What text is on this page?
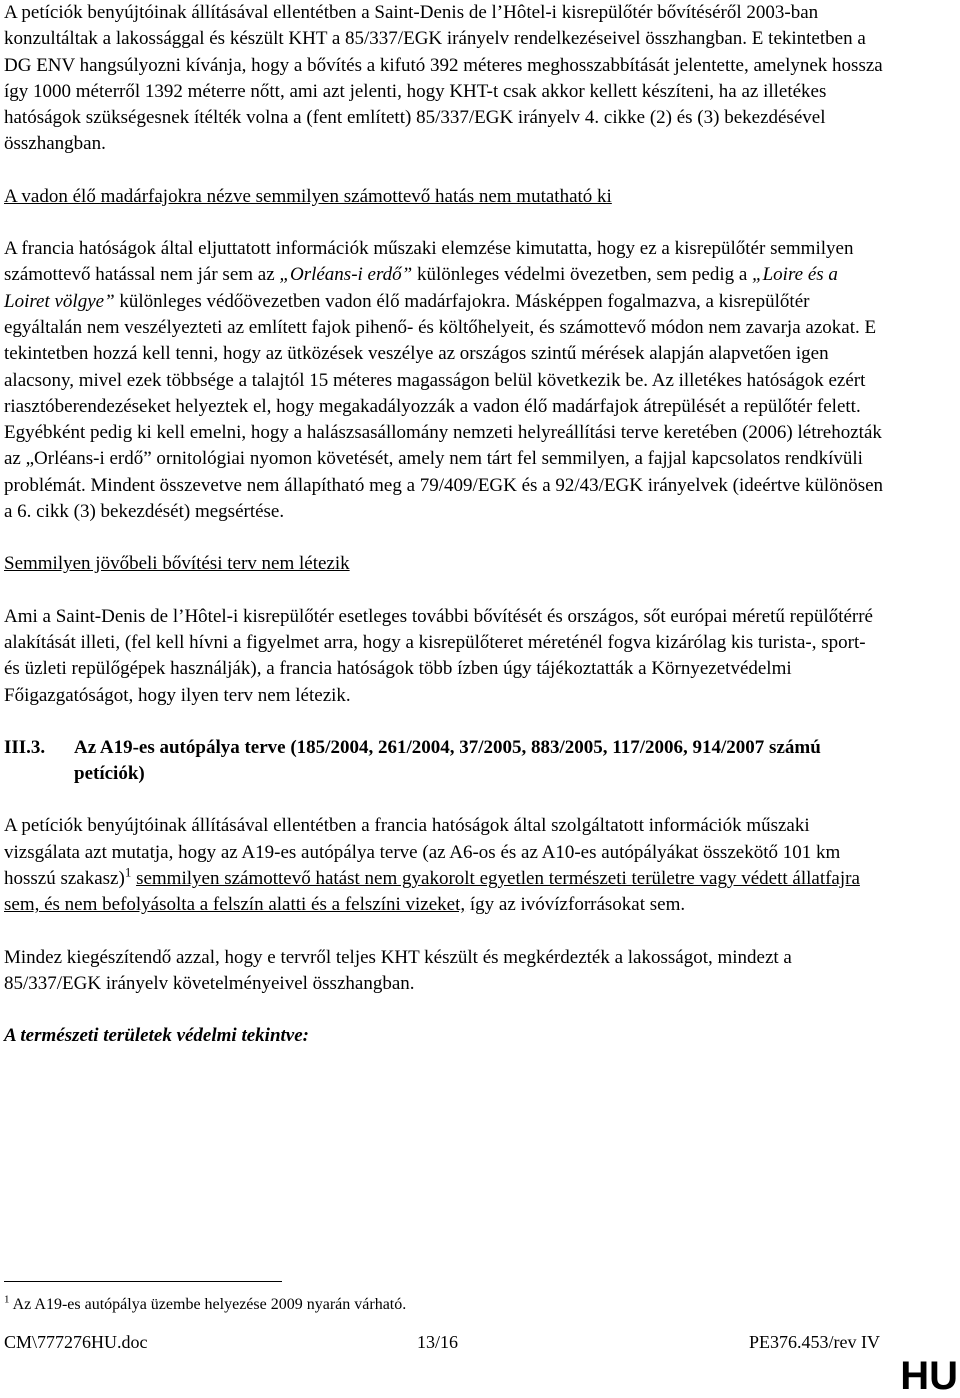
A petíciók benyújtóinak állításával ellentétben a Saint-Denis de l’Hôtel-i kisrepülőtér bővítéséről 2003-ban konzultáltak a lakossággal és készült KHT a 85/337/EGK irányelv rendelkezéseivel összhangban. E tekintetben a DG ENV hangsúlyozni kívánja, hogy a bővítés a kifutó 392 méteres meghosszabbítását jelentette, amelynek hossza így 1000 méterről 1392 méterre nőtt, ami azt jelenti, hogy KHT-t csak akkor kellett készíteni, ha az illetékes hatóságok szükségesnek ítélték volna a (fent említett) 85/337/EGK irányelv 4. cikke (2) és (3) bekezdésével összhangban.

A vadon élő madárfajokra nézve semmilyen számottevő hatás nem mutatható ki

A francia hatóságok által eljuttatott információk műszaki elemzése kimutatta, hogy ez a kisrepülőtér semmilyen számottevő hatással nem jár sem az „Orléans-i erdő” különleges védelmi övezetben, sem pedig a „Loire és a Loiret völgye” különleges védőövezetben vadon élő madárfajokra. Másképpen fogalmazva, a kisrepülőtér egyáltalán nem veszélyezteti az említett fajok pihenő- és költőhelyeit, és számottevő módon nem zavarja azokat. E tekintetben hozzá kell tenni, hogy az ütközések veszélye az országos szintű mérések alapján alapvetően igen alacsony, mivel ezek többsége a talajtól 15 méteres magasságon belül következik be. Az illetékes hatóságok ezért riasztóberendezéseket helyeztek el, hogy megakadályozzák a vadon élő madárfajok átrepülését a repülőtér felett. Egyébként pedig ki kell emelni, hogy a halászsasállomány nemzeti helyreállítási terve keretében (2006) létrehozták az „Orléans-i erdő” ornitológiai nyomon követését, amely nem tárt fel semmilyen, a fajjal kapcsolatos rendkívüli problémát. Mindent összevetve nem állapítható meg a 79/409/EGK és a 92/43/EGK irányelvek (ideértve különösen a 6. cikk (3) bekezdését) megsértése.

Semmilyen jövőbeli bővítési terv nem létezik

Ami a Saint-Denis de l’Hôtel-i kisrepülőtér esetleges további bővítését és országos, sőt európai méretű repülőtérré alakítását illeti, (fel kell hívni a figyelmet arra, hogy a kisrepülőteret méreténél fogva kizárólag kis turista-, sport- és üzleti repülőgépek használják), a francia hatóságok több ízben úgy tájékoztatták a Környezetvédelmi Főigazgatóságot, hogy ilyen terv nem létezik.

III.3.	Az A19-es autópálya terve (185/2004, 261/2004, 37/2005, 883/2005, 117/2006, 914/2007 számú petíciók)

A petíciók benyújtóinak állításával ellentétben a francia hatóságok által szolgáltatott információk műszaki vizsgálata azt mutatja, hogy az A19-es autópálya terve (az A6-os és az A10-es autópályákat összekötő 101 km hosszú szakasz)$^1$ semmilyen számottevő hatást nem gyakorolt egyetlen természeti területre vagy védett állatfajra sem, és nem befolyásolta a felszín alatti és a felszíni vizeket, így az ivóvízforrásokat sem.

Mindez kiegészítendő azzal, hogy e tervről teljes KHT készült és megkérdezték a lakosságot, mindezt a 85/337/EGK irányelv követelményeivel összhangban.

A természeti területek védelmi tekintve:

$^1$ Az A19-es autópálya üzembe helyezése 2009 nyarán várható.
CM\777276HU.doc	13/16	PE376.453/rev IV
HU
